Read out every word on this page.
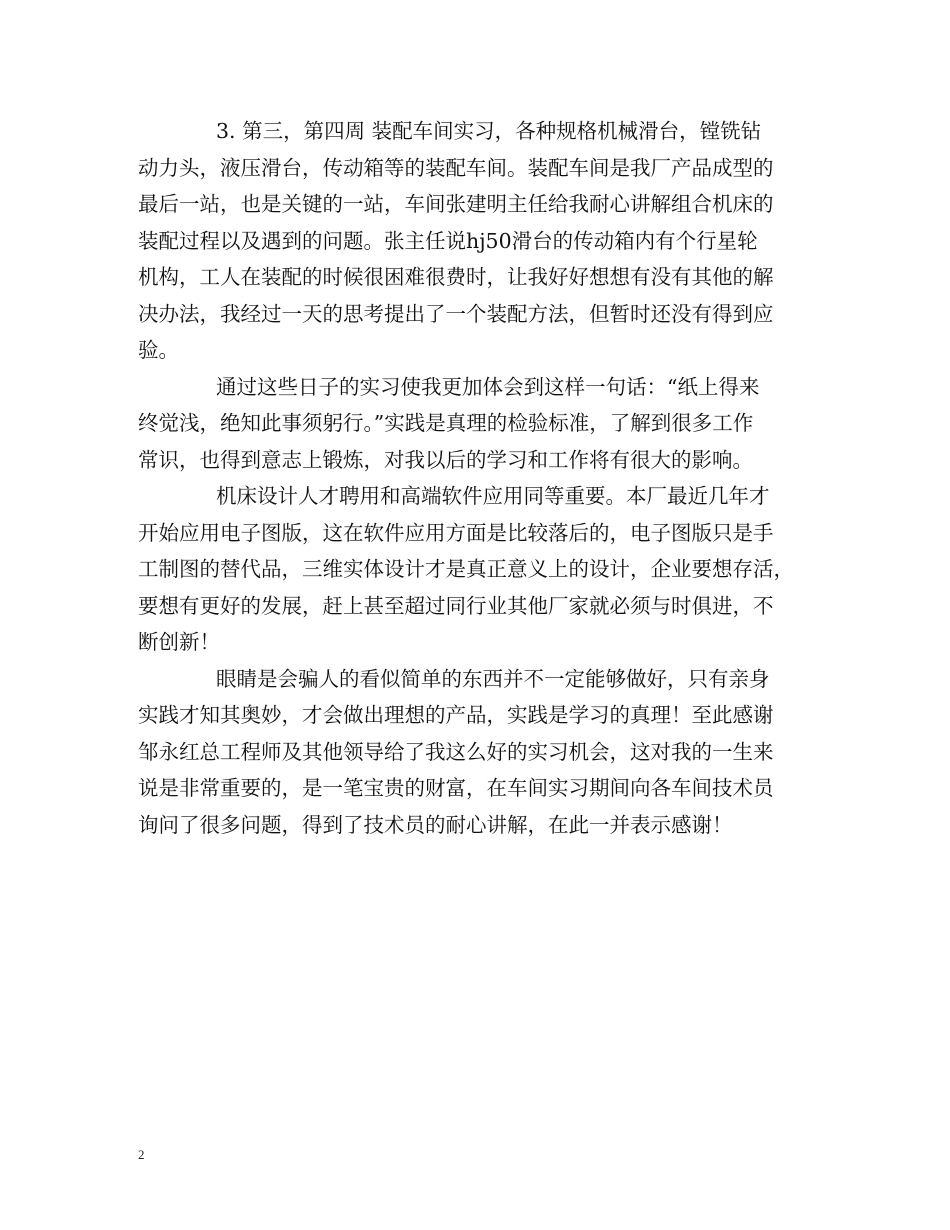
3. 第三，第四周 装配车间实习，各种规格机械滑台，镗铣钻
动力头，液压滑台，传动箱等的装配车间。装配车间是我厂产品成型的
最后一站，也是关键的一站，车间张建明主任给我耐心讲解组合机床的
装配过程以及遇到的问题。张主任说hj50滑台的传动箱内有个行星轮
机构，工人在装配的时候很困难很费时，让我好好想想有没有其他的解
决办法，我经过一天的思考提出了一个装配方法，但暂时还没有得到应
验。

通过这些日子的实习使我更加体会到这样一句话：“纸上得来
终觉浅，绝知此事须躬行。”实践是真理的检验标准，了解到很多工作
常识，也得到意志上锻炼，对我以后的学习和工作将有很大的影响。

机床设计人才聘用和高端软件应用同等重要。本厂最近几年才
开始应用电子图版，这在软件应用方面是比较落后的，电子图版只是手
工制图的替代品，三维实体设计才是真正意义上的设计，企业要想存活，
要想有更好的发展，赶上甚至超过同行业其他厂家就必须与时俱进，不
断创新！

眼睛是会骗人的看似简单的东西并不一定能够做好，只有亲身
实践才知其奥妙，才会做出理想的产品，实践是学习的真理！至此感谢
邹永红总工程师及其他领导给了我这么好的实习机会，这对我的一生来
说是非常重要的，是一笔宝贵的财富，在车间实习期间向各车间技术员
询问了很多问题，得到了技术员的耐心讲解，在此一并表示感谢！

2
